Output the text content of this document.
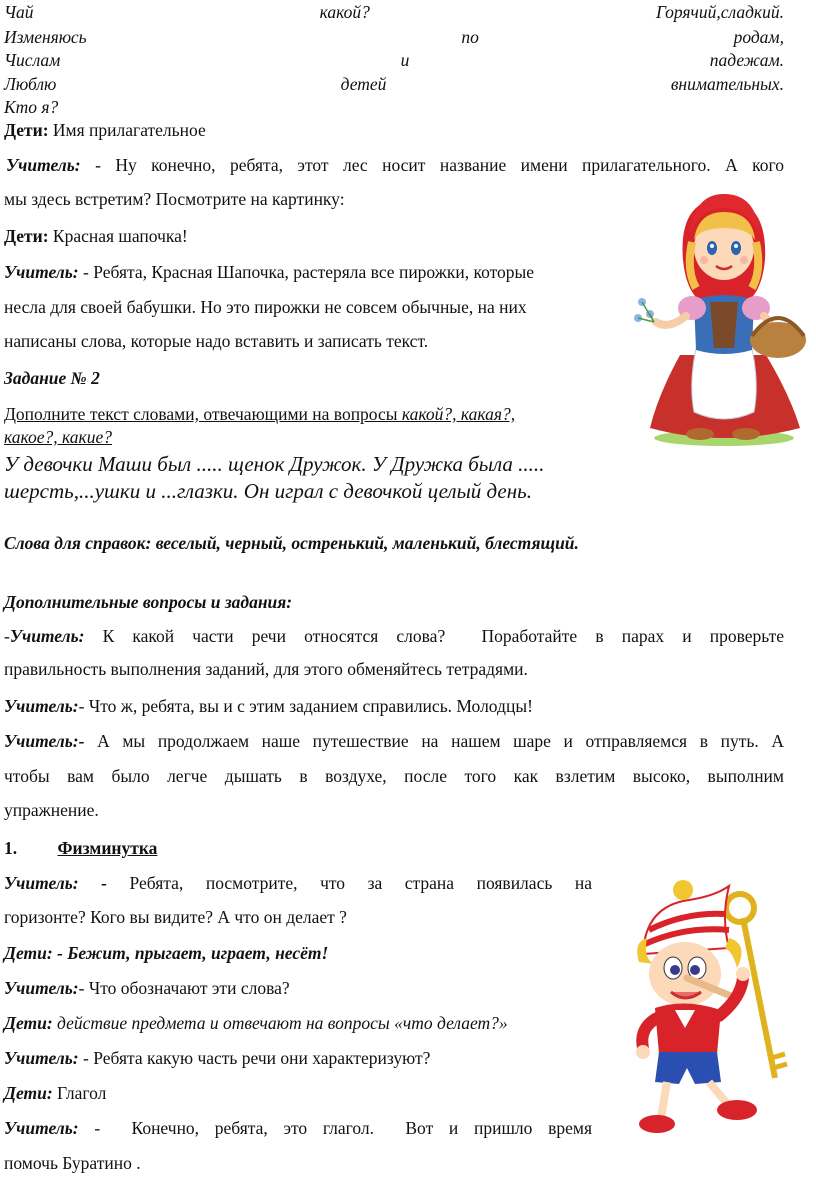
Чай	какой?	Горячий,сладкий.
Изменяюсь	по	родам,
Числам	и	падежам.
Люблю	детей	внимательных.
Кто я?
Дети: Имя прилагательное
Учитель: - Ну конечно, ребята, этот лес носит название имени прилагательного. А кого
мы здесь встретим? Посмотрите на картинку:
Дети: Красная шапочка!
Учитель: - Ребята, Красная Шапочка, растеряла все пирожки, которые
несла для своей бабушки. Но это пирожки не совсем обычные, на них
написаны слова, которые надо вставить и записать текст.
Задание № 2
Дополните текст словами, отвечающими на вопросы какой?, какая?,
какое?, какие?
У девочки Маши был ..... щенок Дружок. У Дружка была .....
шерсть,...ушки и ...глазки. Он играл с девочкой целый день.
Слова для справок: веселый, черный, остренький, маленький, блестящий.
Дополнительные вопросы и задания:
-Учитель: К какой части речи относятся слова?  Поработайте в парах и проверьте
правильность выполнения заданий, для этого обменяйтесь тетрадями.
Учитель:- Что ж, ребята, вы и с этим заданием справились. Молодцы!
Учитель:- А мы продолжаем наше путешествие на нашем шаре и отправляемся в путь. А
чтобы вам было легче дышать в воздухе, после того как взлетим высоко, выполним
упражнение.
1. Физминутка
Учитель: - Ребята, посмотрите, что за страна появилась на
горизонте? Кого вы видите? А что он делает ?
Дети: - Бежит, прыгает, играет, несёт!
Учитель:- Что обозначают эти слова?
Дети: действие предмета и отвечают на вопросы «что делает?»
Учитель: - Ребята какую часть речи они характеризуют?
Дети: Глагол
Учитель: -  Конечно, ребята, это глагол.  Вот и пришло время
помочь Буратино .
